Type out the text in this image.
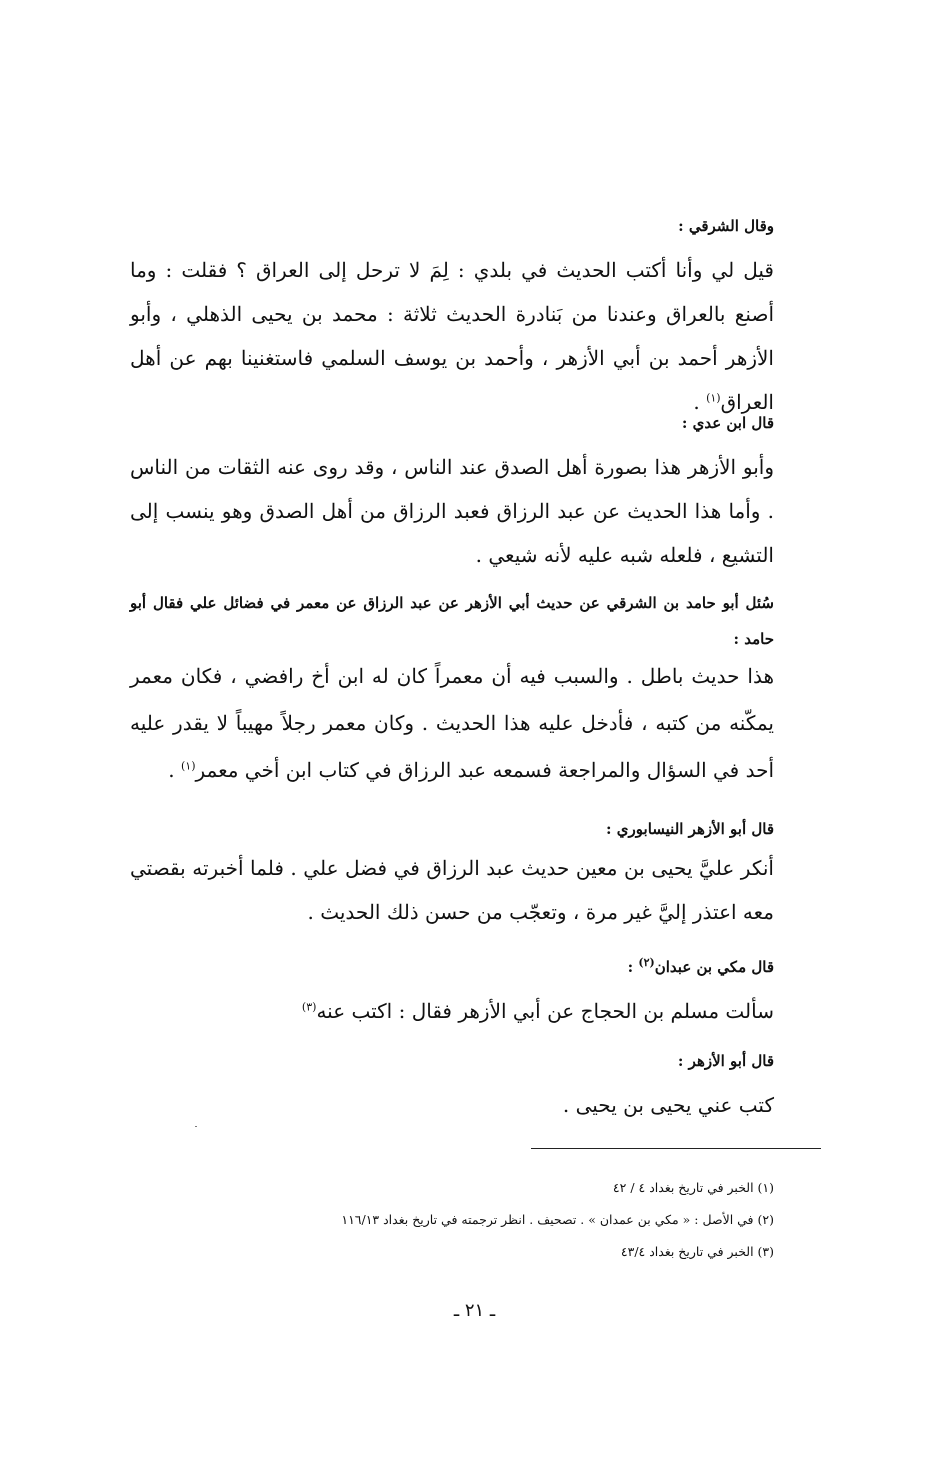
وقال الشرقي :

قيل لي وأنا أكتب الحديث في بلدي : لِمَ لا ترحل إلى العراق ؟ فقلت : وما أصنع بالعراق وعندنا من بَنادرة الحديث ثلاثة : محمد بن يحيى الذهلي ، وأبو الأزهر أحمد بن أبي الأزهر ، وأحمد بن يوسف السلمي فاستغنينا بهم عن أهل العراق$^{(١)}$ .

قال ابن عدي :

وأبو الأزهر هذا بصورة أهل الصدق عند الناس ، وقد روى عنه الثقات من الناس . وأما هذا الحديث عن عبد الرزاق فعبد الرزاق من أهل الصدق وهو ينسب إلى التشيع ، فلعله شبه عليه لأنه شيعي .

سُئل أبو حامد بن الشرقي عن حديث أبي الأزهر عن عبد الرزاق عن معمر في فضائل علي فقال أبو حامد :

هذا حديث باطل . والسبب فيه أن معمراً كان له ابن أخ رافضي ، فكان معمر يمكّنه من كتبه ، فأدخل عليه هذا الحديث . وكان معمر رجلاً مهيباً لا يقدر عليه أحد في السؤال والمراجعة فسمعه عبد الرزاق في كتاب ابن أخي معمر$^{(١)}$ .

قال أبو الأزهر النيسابوري :

أنكر عليَّ يحيى بن معين حديث عبد الرزاق في فضل علي . فلما أخبرته بقصتي معه اعتذر إليَّ غير مرة ، وتعجّب من حسن ذلك الحديث .

قال مكي بن عبدان$^{(٢)}$ :

سألت مسلم بن الحجاج عن أبي الأزهر فقال : اكتب عنه$^{(٣)}$

قال أبو الأزهر :

كتب عني يحيى بن يحيى .

(١) الخبر في تاريخ بغداد ٤ / ٤٢

(٢) في الأصل : « مكي بن عمدان » . تصحيف . انظر ترجمته في تاريخ بغداد ١١٦/١٣

(٣) الخبر في تاريخ بغداد ٤٣/٤

ـ ٢١ ـ
